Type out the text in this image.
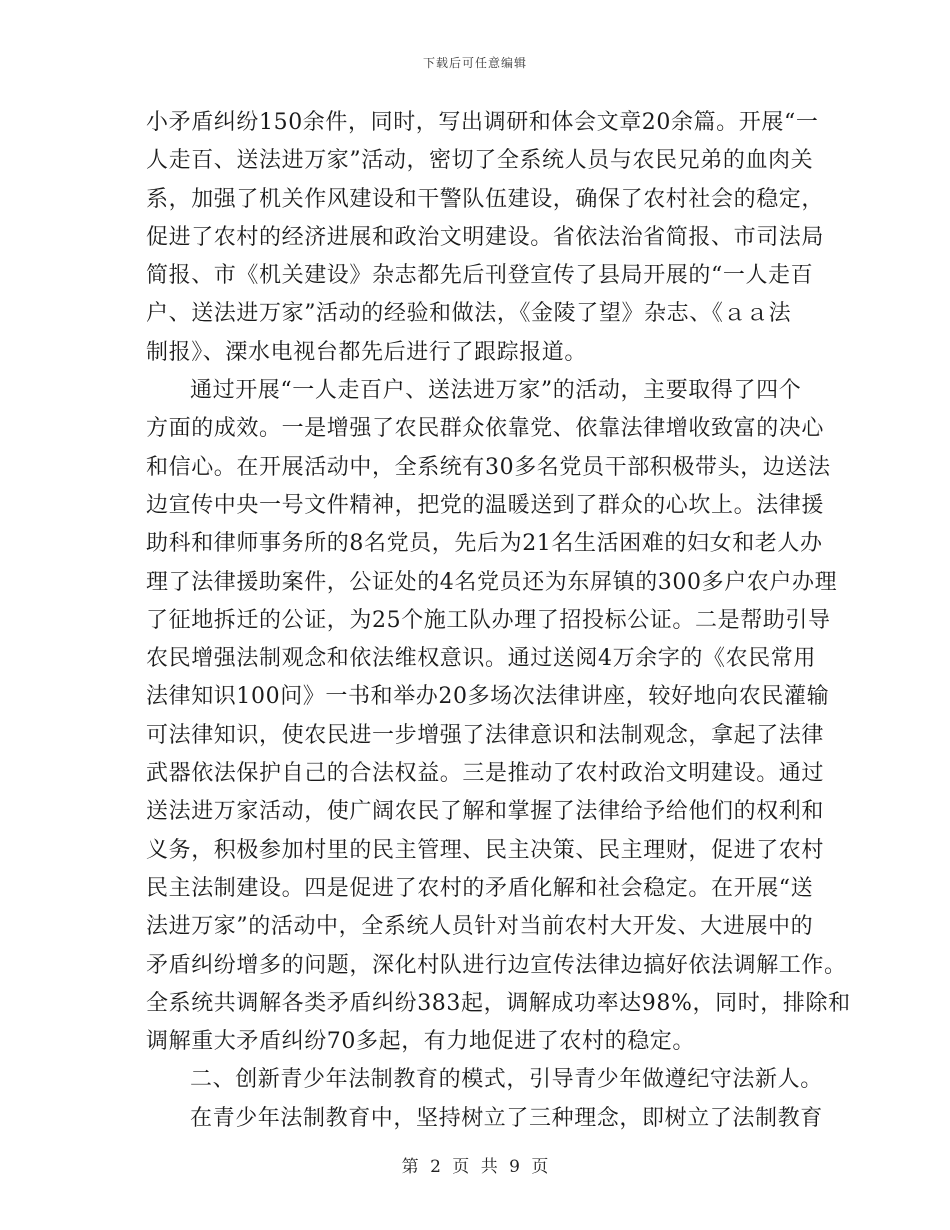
下载后可任意编辑
小矛盾纠纷150余件，同时，写出调研和体会文章20余篇。开展“一
人走百、送法进万家”活动，密切了全系统人员与农民兄弟的血肉关
系，加强了机关作风建设和干警队伍建设，确保了农村社会的稳定，
促进了农村的经济进展和政治文明建设。省依法治省简报、市司法局
简报、市《机关建设》杂志都先后刊登宣传了县局开展的“一人走百
户、送法进万家”活动的经验和做法，《金陵了望》杂志、《ａａ法
制报》、溧水电视台都先后进行了跟踪报道。
通过开展“一人走百户、送法进万家”的活动，主要取得了四个
方面的成效。一是增强了农民群众依靠党、依靠法律增收致富的决心
和信心。在开展活动中，全系统有30多名党员干部积极带头，边送法
边宣传中央一号文件精神，把党的温暖送到了群众的心坎上。法律援
助科和律师事务所的8名党员，先后为21名生活困难的妇女和老人办
理了法律援助案件，公证处的4名党员还为东屏镇的300多户农户办理
了征地拆迁的公证，为25个施工队办理了招投标公证。二是帮助引导
农民增强法制观念和依法维权意识。通过送阅4万余字的《农民常用
法律知识100问》一书和举办20多场次法律讲座，较好地向农民灌输
可法律知识，使农民进一步增强了法律意识和法制观念，拿起了法律
武器依法保护自己的合法权益。三是推动了农村政治文明建设。通过
送法进万家活动，使广阔农民了解和掌握了法律给予给他们的权利和
义务，积极参加村里的民主管理、民主决策、民主理财，促进了农村
民主法制建设。四是促进了农村的矛盾化解和社会稳定。在开展“送
法进万家”的活动中，全系统人员针对当前农村大开发、大进展中的
矛盾纠纷增多的问题，深化村队进行边宣传法律边搞好依法调解工作。
全系统共调解各类矛盾纠纷383起，调解成功率达98%，同时，排除和
调解重大矛盾纠纷70多起，有力地促进了农村的稳定。
二、创新青少年法制教育的模式，引导青少年做遵纪守法新人。
在青少年法制教育中，坚持树立了三种理念，即树立了法制教育
第 2 页 共 9 页
